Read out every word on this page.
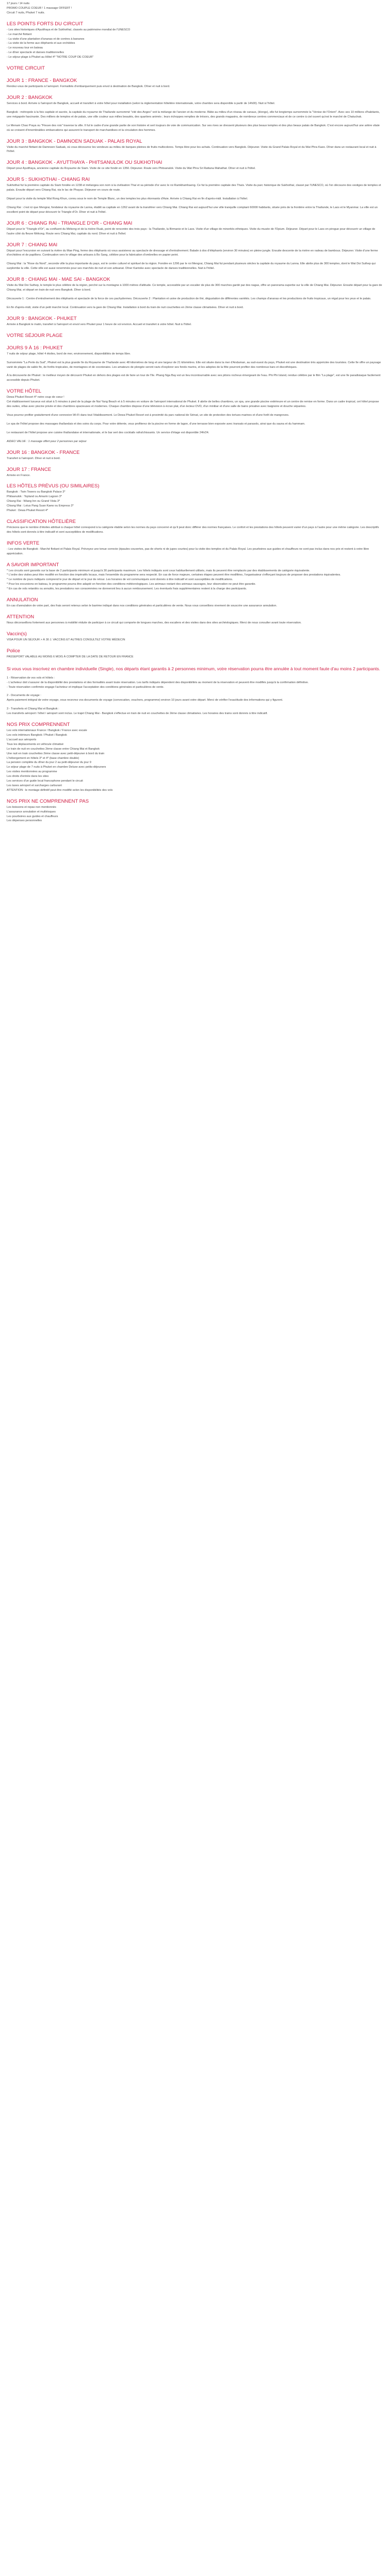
17 jours / 14 nuits

PROMO COUPLE COEUR ! 1 massage OFFERT !

Circuit 7 nuits, Phuket 7 nuits.

LES POINTS FORTS DU CIRCUIT

- Les sites historiques d'Ayutthaya et de Sukhothaï, classés au patrimoine mondial de l'UNESCO

- Le marché flottant

- La visite d'une plantation d'ananas et de contres à bananes

- La visite de la ferme aux éléphants et aux orchidées

- Le nouveau tour en bateau

- Le dîner spectacle et danses traditionnelles

- Le séjour plage à Phuket au Hôtel 4* "NOTRE COUP DE COEUR"

VOTRE CIRCUIT

JOUR 1 : FRANCE - BANGKOK

Rendez-vous de participants à l'aéroport. Formalités d'embarquement puis envol à destination de Bangkok. Dîner et nuit à bord.

JOUR 2 : BANGKOK

Services à bord. Arrivée à l'aéroport de Bangkok, accueil et transfert à votre hôtel pour installation (selon la réglementation hôtelière internationale, votre chambre sera disponible à partir de 14h00). Nuit à l'hôtel.

Bangkok : métropole à la fois capitale et sacrée, la capitale du royaume de Thaïlande surnommé "cité des Anges" voit la mélange de l'ancien et du moderne. Bâtie au milieu d'un réseau de canaux, (klongs), elle fut longtemps surnommée la "Venise de l'Orient". Avec ses 10 millions d'habitants, une mégapole fascinante. Des milliers de temples et de palais, une ville couleur aux milles beautés, des quartiers animés ; leurs échoppes remplies de trésors, des grands magasins, de nombreux centres commerciaux et de ce centre à ciel ouvert qu'est le marché de Chatuchak.

Le Menam Chao Praya ou "Fleuve des rois" traverse la ville. Il fut le cadre d'une grande partie de son histoire et sert toujours de voie de communication. Sur ses rives se dressent plusieurs des plus beaux temples et des plus beaux palais de Bangkok. C'est encore aujourd'hui une artère vitale où se croisent d'innombrables embarcations qui assurent le transport de marchandises et la circulation des hommes.

JOUR 3 : BANGKOK - DAMNOEN SADUAK - PALAIS ROYAL

Visite du marché flottant de Damnoen Saduak, où vous découvrez les vendeurs au milieu de barques pleines de fruits multicolores. Temps libre pour les achats. Continuation vers Bangkok. Déjeuner. Visite du Grand Palais Royal et du Wat Phra Kaeo. Dîner dans un restaurant local et nuit à l'hôtel.

JOUR 4 : BANGKOK - AYUTTHAYA - PHITSANULOK OU SUKHOTHAI

Départ pour Ayutthaya, ancienne capitale du Royaume de Siam. Visite de ce site fondé en 1350. Déjeuner. Route vers Phitsanulok. Visite du Wat Phra Sri Rattana Mahathat. Dîner et nuit à l'hôtel.

JOUR 5 : SUKHOTHAI - CHIANG RAI

Sukhothaï fut la première capitale du Siam fondée en 1238 et mélangea son nom à la civilisation Thaï et sa période d'or avec le roi Ramkhamhaeng. Ce fut la première capitale des Thaïs. Visite du parc historique de Sukhothaï, classé par l'UNESCO, où l'on découvre des vestiges de temples et palais. Ensuite départ vers Chiang Rai, via le lac de Phayao. Déjeuner en cours de route.

Départ pour la visite du temple Wat Rong Khun, connu sous le nom de Temple Blanc, un des temples les plus étonnants d'Asie. Arrivée à Chiang Rai en fin d'après-midi. Installation à l'hôtel.

Chiang Rai : c'est ici que Mengrai, fondateur du royaume de Lanna, établit sa capitale en 1262 avant de la transférer vers Chiang Mai. Chiang Rai est aujourd'hui une ville tranquille comptant 60000 habitants, située près de la frontière entre la Thaïlande, le Laos et le Myanmar. La ville est un excellent point de départ pour découvrir le Triangle d'Or. Dîner et nuit à l'hôtel.

JOUR 6 : CHIANG RAI - TRIANGLE D'OR - CHIANG MAI

Départ pour le "Triangle d'Or", au confluent du Mékong et de la rivière Ruak, point de rencontre des trois pays : la Thaïlande, la Birmanie et le Laos. Visite d'un village de minorités ethniques. Visite du musée de l'Opium. Déjeuner. Départ pour le Laos en pirogue pour découvrir un village de l'autre côté du fleuve Mékong. Route vers Chiang Mai, capitale du nord. Dîner et nuit à l'hôtel.

JOUR 7 : CHIANG MAI

Départ pour l'excursion en suivant la rivière du Mae Ping, ferme des éléphants où vous assisterez au spectacle de dressage et d'entraînement. Balade à dos d'éléphants (environ 30 minutes) en pleine jungle. Ensuite descente de la rivière en radeau de bambous. Déjeuner. Visite d'une ferme d'orchidées et de papillons. Continuation vers le village des artisans à Bo Sang, célèbre pour la fabrication d'ombrelles en papier peint.

Chiang Mai : la "Rose du Nord", seconde ville la plus importante du pays, est le centre culturel et spirituel de la région. Fondée en 1296 par le roi Mengrai, Chiang Mai fut pendant plusieurs siècles la capitale du royaume du Lanna. Elle abrite plus de 300 temples, dont le Wat Doi Suthep qui surplombe la ville. Cette ville est aussi renommée pour ses marchés de nuit et son artisanat. Dîner Kantoke avec spectacle de danses traditionnelles. Nuit à l'hôtel.

JOUR 8 : CHIANG MAI - MAE SAI - BANGKOK

Visite du Wat Doi Suthep, le temple le plus célèbre de la région, perché sur la montagne à 1000 mètres d'altitude. Ce temple, accessible par un escalier de plus de 300 marches gardé par des nagas, offre un panorama superbe sur la ville de Chiang Mai. Déjeuner. Ensuite départ pour la gare de Chiang Mai, et départ en train de nuit vers Bangkok. Dîner à bord.

Découverte 1 : Centre d'entraînement des éléphants et spectacle de la force de ces pachydermes. Découverte 2 : Plantation et usine de production de thé, dégustation de différentes variétés. Les champs d'ananas et les productions de fruits tropicaux, un régal pour les yeux et le palais.

En fin d'après-midi, visite d'un petit marché local. Continuation vers la gare de Chiang Mai. Installation à bord du train de nuit couchettes en 2ème classe climatisées. Dîner et nuit à bord.

JOUR 9 : BANGKOK - PHUKET

Arrivée à Bangkok le matin, transfert à l'aéroport et envol vers Phuket pour 1 heure de vol environ. Accueil et transfert à votre hôtel. Nuit à l'hôtel.

VOTRE SÉJOUR PLAGE

JOURS 9 À 16 : PHUKET

7 nuits de séjour plage, hôtel 4 étoiles, bord de mer, environnement, disponibilités de temps libre.

Surnommée "La Perle du Sud", Phuket est la plus grande île du Royaume de Thaïlande avec 48 kilomètres de long et une largeur de 21 kilomètres. Elle est située dans la mer d'Andaman, au sud-ouest du pays, Phuket est une destination très appréciée des touristes. Cette île offre un paysage varié de plages de sable fin, de forêts tropicales, de montagnes et de cocoteraies. Les amateurs de plongée seront ravis d'explorer ses fonds marins, et les adeptes de la fête pourront profiter des nombreux bars et discothèques.

À la découverte de Phuket : le meilleur moyen de découvrir Phuket en dehors des plages est de faire un tour de l'île. Phang Nga Bay est un lieu incontournable avec ses pitons rocheux émergeant de l'eau. Phi Phi Island, rendue célèbre par le film "La plage", est une île paradisiaque facilement accessible depuis Phuket.

VOTRE HÔTEL

Dewa Phuket Resort 4* notre coup de cœur !

Cet établissement luxueux est situé à 5 minutes à pied de la plage de Nai Yang Beach et à 5 minutes en voiture de l'aéroport international de Phuket. Il abrite de belles chambres, un spa, une grande piscine extérieure et un centre de remise en forme. Dans un cadre tropical, cet hôtel propose des suites, villas avec piscine privée et des chambres spacieuses et modernes. Chaque chambre dispose d'une télévision à écran plat, d'un lecteur DVD, d'un minibar et d'une salle de bains privative avec baignoire et douche séparées.

Vous pourrez profiter gratuitement d'une connexion Wi-Fi dans tout l'établissement. Le Dewa Phuket Resort est à proximité du parc national de Sirinat, un site de protection des tortues marines et d'une forêt de mangroves.

Le spa de l'hôtel propose des massages thaïlandais et des soins du corps. Pour votre détente, vous profiterez de la piscine en forme de lagon, d'une terrasse bien exposée avec transats et parasols, ainsi que du sauna et du hammam.

Le restaurant de l'hôtel propose une cuisine thaïlandaise et internationale, et le bar sert des cocktails rafraîchissants. Un service d'étage est disponible 24h/24.

AIDEO VALUE : 1 massage offert pour 2 personnes par séjour

JOUR 16 : BANGKOK - FRANCE

Transfert à l'aéroport. Dîner et nuit à bord.

JOUR 17 : FRANCE

Arrivée en France.

LES HÔTELS PRÉVUS (OU SIMILAIRES)

Bangkok : Twin Towers ou Bangkok Palace 3*

Phitsanulok : Topland ou Amarin Lagoon 3*

Chiang Rai : Wiang Inn ou Grand Vista 3*

Chiang Mai : Lotus Pang Suan Kaew ou Empress 3*

Phuket : Dewa Phuket Resort 4*

CLASSIFICATION HÔTELIÈRE

Précisons que le nombre d'étoiles attribué à chaque hôtel correspond à la catégorie établie selon les normes du pays concerné et qu'il peut donc différer des normes françaises. Le confort et les prestations des hôtels peuvent varier d'un pays à l'autre pour une même catégorie. Les descriptifs des hôtels sont donnés à titre indicatif et sont susceptibles de modifications.

INFOS VERTE

- Les visites de Bangkok : Marché flottant et Palais Royal. Prévoyez une tenue correcte (épaules couvertes, pas de shorts ni de jupes courtes) pour la visite des temples et du Palais Royal. Les pourboires aux guides et chauffeurs ne sont pas inclus dans nos prix et restent à votre libre appréciation.

A SAVOIR IMPORTANT

* Les circuits sont garantis sur la base de 2 participants minimum et jusqu'à 30 participants maximum. Les hôtels indiqués sont ceux habituellement utilisés, mais ils peuvent être remplacés par des établissements de catégorie équivalente.

* L'ordre des visites peut être modifié en fonction des impératifs locaux, mais l'ensemble du programme sera respecté. En cas de force majeure, certaines étapes peuvent être modifiées, l'organisateur s'efforçant toujours de proposer des prestations équivalentes.

* Le nombre de jours indiqués comprend le jour de départ et le jour de retour. Les horaires de vol communiqués sont donnés à titre indicatif et sont susceptibles de modifications.

* Pour les excursions en bateau, le programme pourra être adapté en fonction des conditions météorologiques. Les animaux restant des animaux sauvages, leur observation ne peut être garantie.

* En cas de vols retardés ou annulés, les prestations non consommées ne donneront lieu à aucun remboursement. Les éventuels frais supplémentaires restent à la charge des participants.

ANNULATION

En cas d'annulation de votre part, des frais seront retenus selon le barème indiqué dans nos conditions générales et particulières de vente. Nous vous conseillons vivement de souscrire une assurance annulation.

ATTENTION

Nous déconseillons fortement aux personnes à mobilité réduite de participer à ce circuit qui comporte de longues marches, des escaliers et des visites dans des sites archéologiques. Merci de nous consulter avant toute réservation.

Vaccin(s)

VISA POUR UN SÉJOUR > À 30 J. VACCINS ET AUTRES CONSULTEZ VOTRE MÉDECIN

Police

PASSEPORT VALABLE AU MOINS 6 MOIS À COMPTER DE LA DATE DE RETOUR EN FRANCE

Si vous vous inscrivez en chambre individuelle (Single), nos départs étant garantis à 2 personnes minimum, votre réservation pourra être annulée à tout moment faute d'au moins 2 participants.

1 - Réservation de vos vols et hôtels :

- L'acheteur doit s'assurer de la disponibilité des prestations et des formalités avant toute réservation. Les tarifs indiqués dépendent des disponibilités au moment de la réservation et peuvent être modifiés jusqu'à la confirmation définitive.

- Toute réservation confirmée engage l'acheteur et implique l'acceptation des conditions générales et particulières de vente.

2 - Documents de voyage :

Après paiement intégral de votre voyage, vous recevrez vos documents de voyage (convocation, vouchers, programme) environ 10 jours avant votre départ. Merci de vérifier l'exactitude des informations qui y figurent.

3 - Transferts et Chiang Mai et Bangkok :

Les transferts aéroport / hôtel / aéroport sont inclus. Le trajet Chiang Mai - Bangkok s'effectue en train de nuit en couchettes de 2ème classe climatisées. Les horaires des trains sont donnés à titre indicatif.

NOS PRIX COMPRENNENT

Les vols internationaux France / Bangkok / France avec escale

Les vols intérieurs Bangkok / Phuket / Bangkok

L'accueil aux aéroports

Tous les déplacements en véhicule climatisé

Le train de nuit en couchettes 2ème classe entre Chiang Mai et Bangkok

Une nuit en train couchettes 2ème classe avec petit-déjeuner à bord du train

L'hébergement en hôtels 3* et 4* (base chambre double)

La pension complète du dîner du jour 2 au petit-déjeuner du jour 9

Le séjour plage de 7 nuits à Phuket en chambre Deluxe avec petits-déjeuners

Les visites mentionnées au programme

Les droits d'entrée dans les sites

Les services d'un guide local francophone pendant le circuit

Les taxes aéroport et surcharges carburant

ATTENTION : le montage définitif peut être modifié selon les disponibilités des vols

NOS PRIX NE COMPRENNENT PAS

Les boissons et repas non mentionnés

L'assurance annulation et multirisques

Les pourboires aux guides et chauffeurs

Les dépenses personnelles
